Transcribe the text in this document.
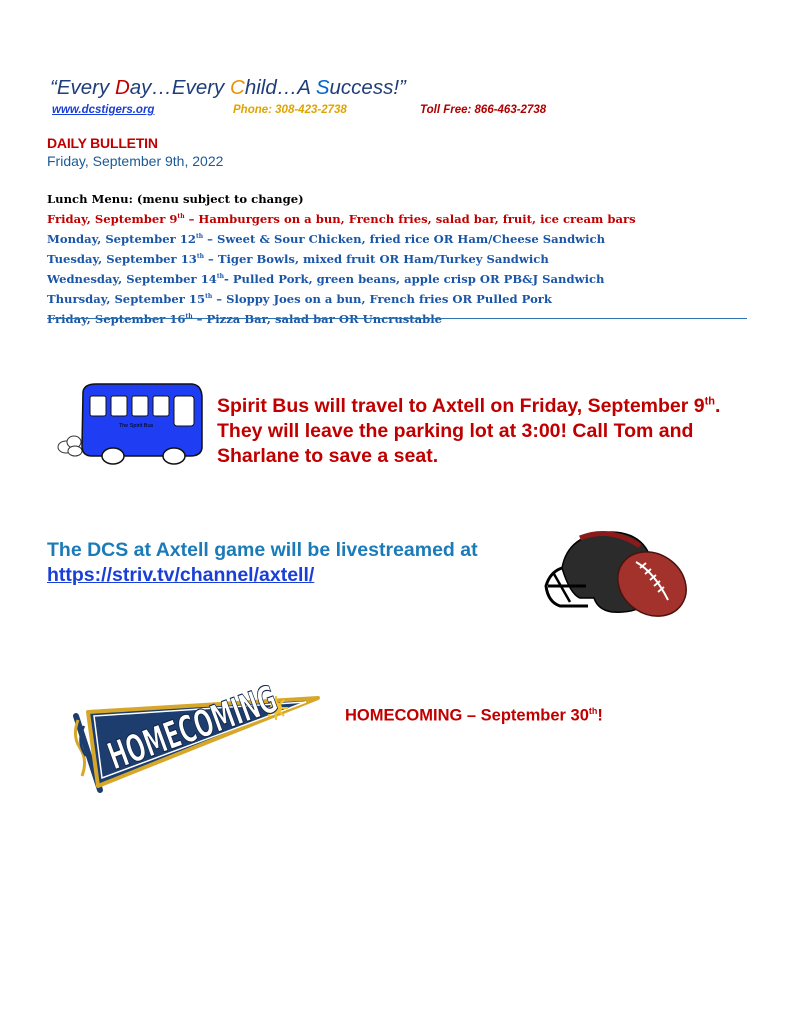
“Every Day…Every Child…A Success!”
www.dcstigers.org	Phone: 308-423-2738	Toll Free: 866-463-2738
DAILY BULLETIN
Friday, September 9th, 2022
Lunch Menu: (menu subject to change)
Friday, September 9th – Hamburgers on a bun, French fries, salad bar, fruit, ice cream bars
Monday, September 12th – Sweet & Sour Chicken, fried rice OR Ham/Cheese Sandwich
Tuesday, September 13th – Tiger Bowls, mixed fruit OR Ham/Turkey Sandwich
Wednesday, September 14th- Pulled Pork, green beans, apple crisp OR PB&J Sandwich
Thursday, September 15th – Sloppy Joes on a bun, French fries OR Pulled Pork
Friday, September 16th – Pizza Bar, salad bar OR Uncrustable
The Spirit Bus
Spirit Bus will travel to Axtell on Friday, September 9th. They will leave the parking lot at 3:00! Call Tom and Sharlane to save a seat.
The DCS at Axtell game will be livestreamed at
https://striv.tv/channel/axtell/
HOMECOMING	HOMECOMING – September 30th!
